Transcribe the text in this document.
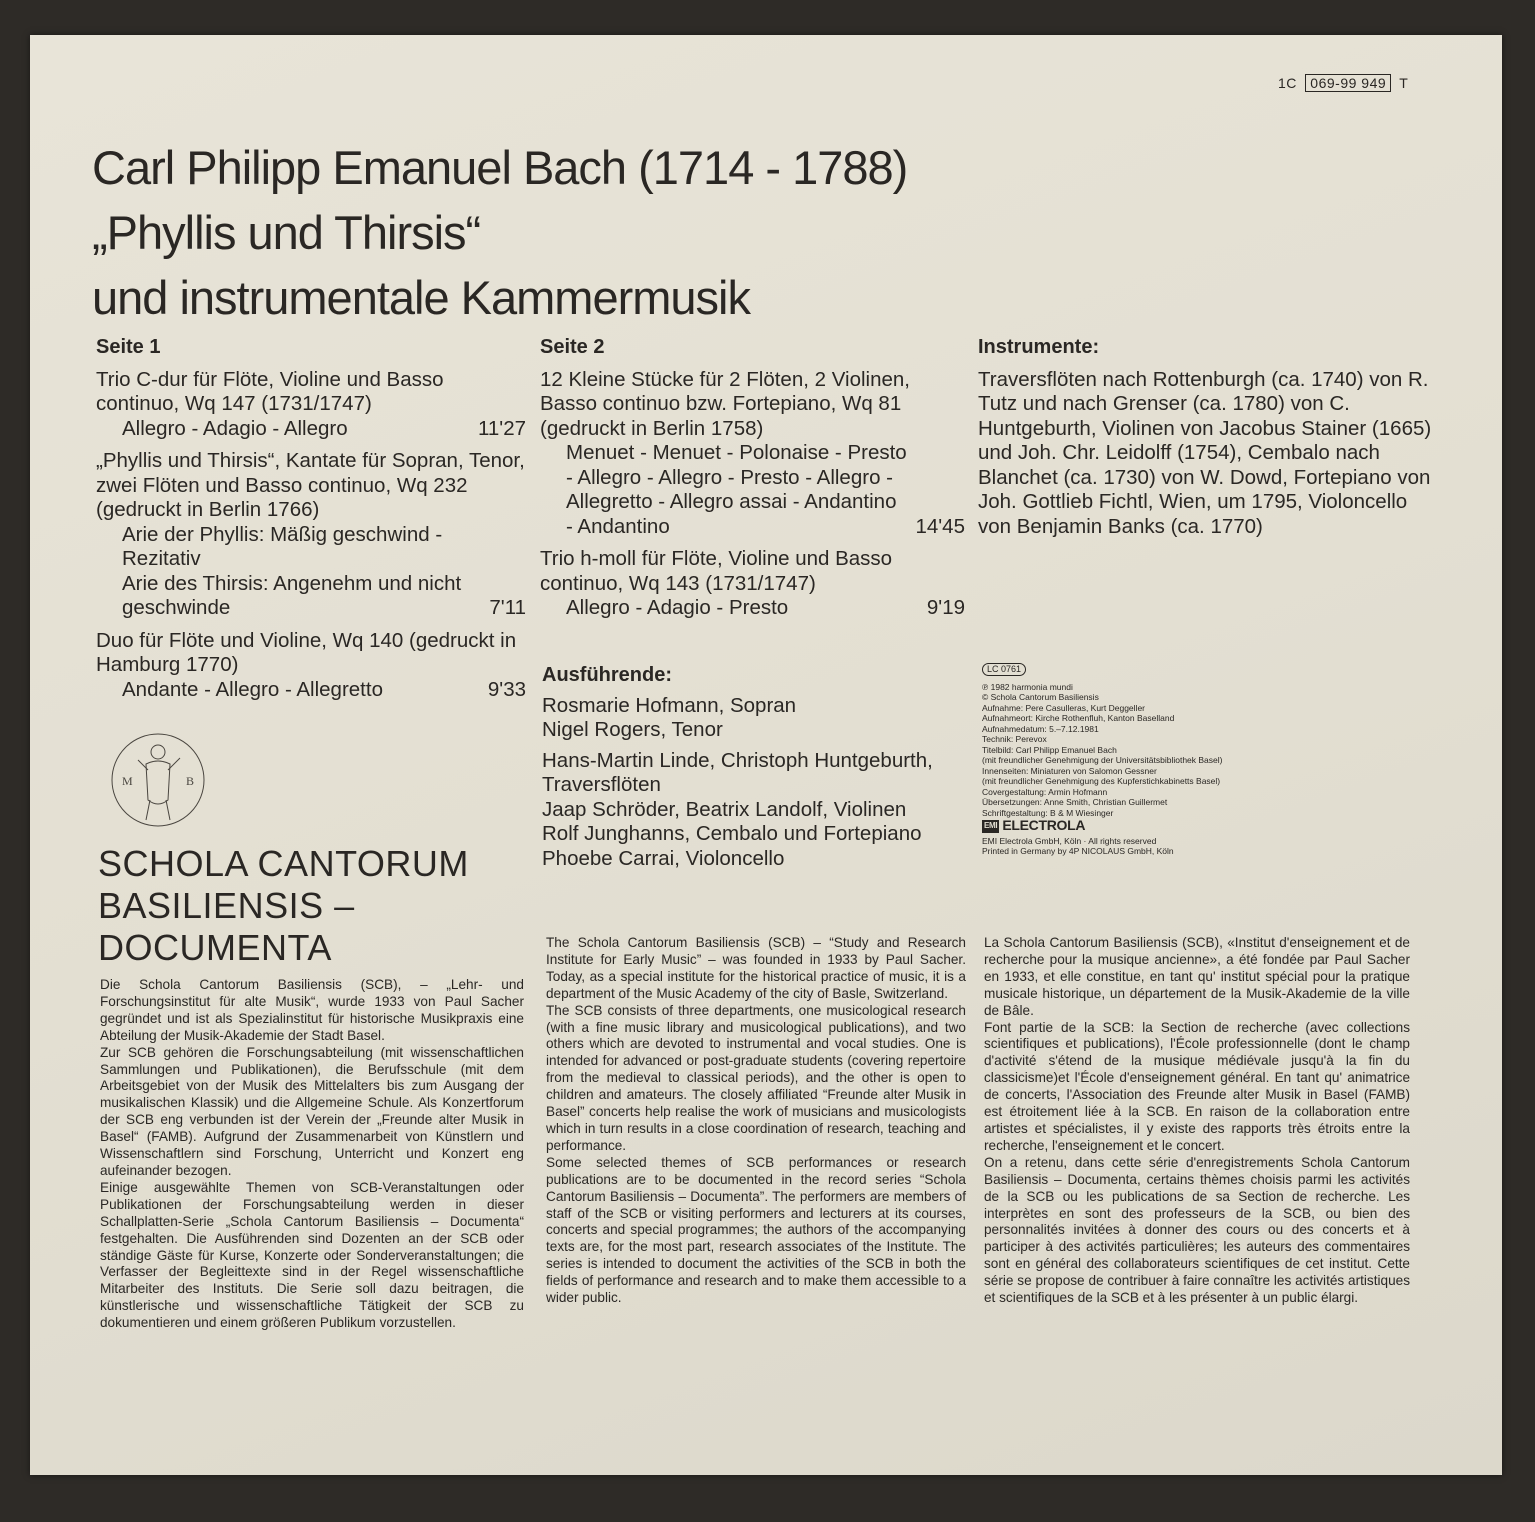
1C 069-99 949 T
Carl Philipp Emanuel Bach (1714 - 1788)
„Phyllis und Thirsis“
und instrumentale Kammermusik
Seite 1
Trio C-dur für Flöte, Violine und Basso continuo, Wq 147 (1731/1747)
Allegro - Adagio - Allegro	11'27
„Phyllis und Thirsis“, Kantate für Sopran, Tenor, zwei Flöten und Basso continuo, Wq 232 (gedruckt in Berlin 1766)
Arie der Phyllis: Mäßig geschwind - Rezitativ
Arie des Thirsis: Angenehm und nicht geschwinde	7'11
Duo für Flöte und Violine, Wq 140 (gedruckt in Hamburg 1770)
Andante - Allegro - Allegretto	9'33
Seite 2
12 Kleine Stücke für 2 Flöten, 2 Violinen, Basso continuo bzw. Fortepiano, Wq 81 (gedruckt in Berlin 1758)
Menuet - Menuet - Polonaise - Presto - Allegro - Allegro - Presto - Allegro - Allegretto - Allegro assai - Andantino - Andantino	14'45
Trio h-moll für Flöte, Violine und Basso continuo, Wq 143 (1731/1747)
Allegro - Adagio - Presto	9'19
Instrumente:
Traversflöten nach Rottenburgh (ca. 1740) von R. Tutz und nach Grenser (ca. 1780) von C. Huntgeburth, Violinen von Jacobus Stainer (1665) und Joh. Chr. Leidolff (1754), Cembalo nach Blanchet (ca. 1730) von W. Dowd, Fortepiano von Joh. Gottlieb Fichtl, Wien, um 1795, Violoncello von Benjamin Banks (ca. 1770)
Ausführende:
Rosmarie Hofmann, Sopran
Nigel Rogers, Tenor
Hans-Martin Linde, Christoph Huntgeburth, Traversflöten
Jaap Schröder, Beatrix Landolf, Violinen
Rolf Junghanns, Cembalo und Fortepiano
Phoebe Carrai, Violoncello
M	B
SCHOLA CANTORUM
BASILIENSIS –
DOCUMENTA
LC 0761
℗ 1982 harmonia mundi
© Schola Cantorum Basiliensis
Aufnahme: Pere Casulleras, Kurt Deggeller
Aufnahmeort: Kirche Rothenfluh, Kanton Baselland
Aufnahmedatum: 5.–7.12.1981
Technik: Perevox
Titelbild: Carl Philipp Emanuel Bach
(mit freundlicher Genehmigung der Universitätsbibliothek Basel)
Innenseiten: Miniaturen von Salomon Gessner
(mit freundlicher Genehmigung des Kupferstichkabinetts Basel)
Covergestaltung: Armin Hofmann
Übersetzungen: Anne Smith, Christian Guillermet
Schriftgestaltung: B & M Wiesinger
EMI ELECTROLA
EMI Electrola GmbH, Köln · All rights reserved
Printed in Germany by 4P NICOLAUS GmbH, Köln

Die Schola Cantorum Basiliensis (SCB), – „Lehr- und Forschungsinstitut für alte Musik“, wurde 1933 von Paul Sacher gegründet und ist als Spezialinstitut für historische Musikpraxis eine Abteilung der Musik-Akademie der Stadt Basel.

Zur SCB gehören die Forschungsabteilung (mit wissenschaftlichen Sammlungen und Publikationen), die Berufsschule (mit dem Arbeitsgebiet von der Musik des Mittelalters bis zum Ausgang der musikalischen Klassik) und die Allgemeine Schule. Als Konzertforum der SCB eng verbunden ist der Verein der „Freunde alter Musik in Basel“ (FAMB). Aufgrund der Zusammenarbeit von Künstlern und Wissenschaftlern sind Forschung, Unterricht und Konzert eng aufeinander bezogen.

Einige ausgewählte Themen von SCB-Veranstaltungen oder Publikationen der Forschungsabteilung werden in dieser Schallplatten-Serie „Schola Cantorum Basiliensis – Documenta“ festgehalten. Die Ausführenden sind Dozenten an der SCB oder ständige Gäste für Kurse, Konzerte oder Sonderveranstaltungen; die Verfasser der Begleittexte sind in der Regel wissenschaftliche Mitarbeiter des Instituts. Die Serie soll dazu beitragen, die künstlerische und wissenschaftliche Tätigkeit der SCB zu dokumentieren und einem größeren Publikum vorzustellen.

The Schola Cantorum Basiliensis (SCB) – “Study and Research Institute for Early Music” – was founded in 1933 by Paul Sacher. Today, as a special institute for the historical practice of music, it is a department of the Music Academy of the city of Basle, Switzerland.

The SCB consists of three departments, one musicological research (with a fine music library and musicological publications), and two others which are devoted to instrumental and vocal studies. One is intended for advanced or post-graduate students (covering repertoire from the medieval to classical periods), and the other is open to children and amateurs. The closely affiliated “Freunde alter Musik in Basel” concerts help realise the work of musicians and musicologists which in turn results in a close coordination of research, teaching and performance.

Some selected themes of SCB performances or research publications are to be documented in the record series “Schola Cantorum Basiliensis – Documenta”. The performers are members of staff of the SCB or visiting performers and lecturers at its courses, concerts and special programmes; the authors of the accompanying texts are, for the most part, research associates of the Institute. The series is intended to document the activities of the SCB in both the fields of performance and research and to make them accessible to a wider public.

La Schola Cantorum Basiliensis (SCB), «Institut d'enseignement et de recherche pour la musique ancienne», a été fondée par Paul Sacher en 1933, et elle constitue, en tant qu' institut spécial pour la pratique musicale historique, un département de la Musik-Akademie de la ville de Bâle.

Font partie de la SCB: la Section de recherche (avec collections scientifiques et publications), l'École professionnelle (dont le champ d'activité s'étend de la musique médiévale jusqu'à la fin du classicisme)et l'École d'enseignement général. En tant qu' animatrice de concerts, l'Association des Freunde alter Musik in Basel (FAMB) est étroitement liée à la SCB. En raison de la collaboration entre artistes et spécialistes, il y existe des rapports très étroits entre la recherche, l'enseignement et le concert.

On a retenu, dans cette série d'enregistrements Schola Cantorum Basiliensis – Documenta, certains thèmes choisis parmi les activités de la SCB ou les publications de sa Section de recherche. Les interprètes en sont des professeurs de la SCB, ou bien des personnalités invitées à donner des cours ou des concerts et à participer à des activités particulières; les auteurs des commentaires sont en général des collaborateurs scientifiques de cet institut. Cette série se propose de contribuer à faire connaître les activités artistiques et scientifiques de la SCB et à les présenter à un public élargi.
